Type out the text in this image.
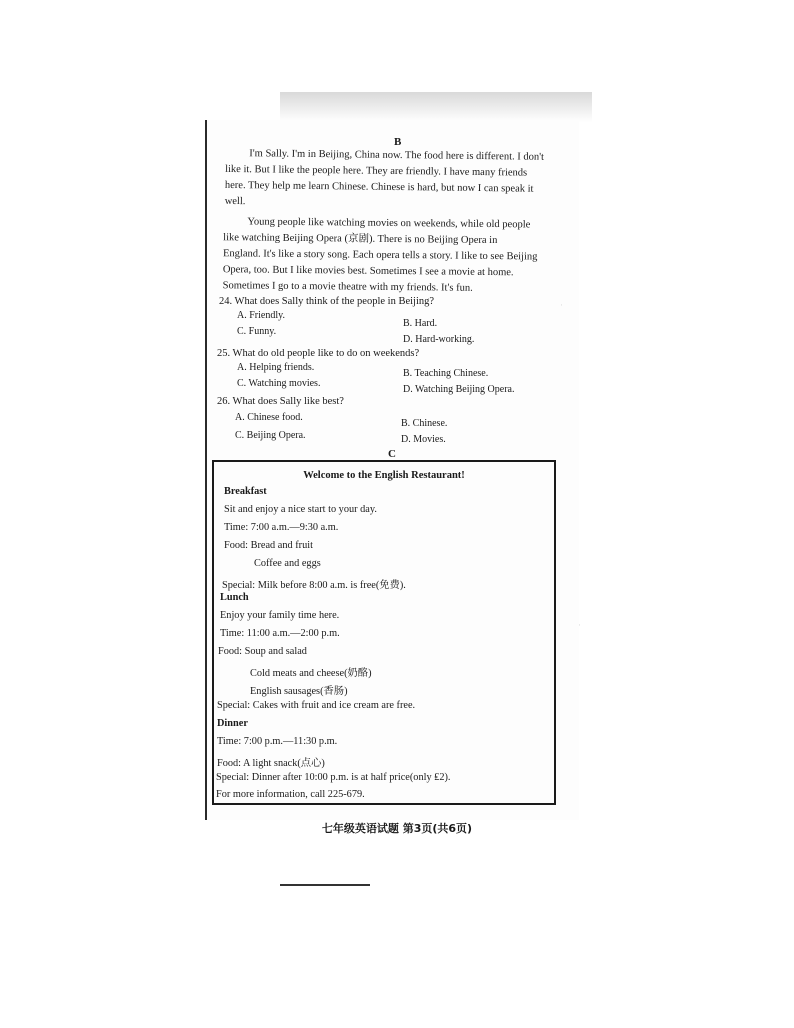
B
I'm Sally. I'm in Beijing, China now. The food here is different. I don't
like it. But I like the people here. They are friendly. I have many friends
here. They help me learn Chinese. Chinese is hard, but now I can speak it
well.
Young people like watching movies on weekends, while old people
like watching Beijing Opera (京剧). There is no Beijing Opera in
England. It's like a story song. Each opera tells a story. I like to see Beijing
Opera, too. But I like movies best. Sometimes I see a movie at home.
Sometimes I go to a movie theatre with my friends. It's fun.
24. What does Sally think of the people in Beijing?
A. Friendly.
B. Hard.
C. Funny.
D. Hard-working.
25. What do old people like to do on weekends?
A. Helping friends.
B. Teaching Chinese.
C. Watching movies.
D. Watching Beijing Opera.
26. What does Sally like best?
A. Chinese food.
B. Chinese.
C. Beijing Opera.	D. Movies.
C
·
·
Welcome to the English Restaurant!
Breakfast
Sit and enjoy a nice start to your day.
Time: 7:00 a.m.—9:30 a.m.
Food: Bread and fruit
Coffee and eggs
Special: Milk before 8:00 a.m. is free(免费).
Lunch
Enjoy your family time here.
Time: 11:00 a.m.—2:00 p.m.
Food: Soup and salad
Cold meats and cheese(奶酪)
English sausages(香肠)
Special: Cakes with fruit and ice cream are free.
Dinner
Time: 7:00 p.m.—11:30 p.m.
Food: A light snack(点心)
Special: Dinner after 10:00 p.m. is at half price(only ₤2).
For more information, call 225-679.
七年级英语试题 第3页(共6页)
